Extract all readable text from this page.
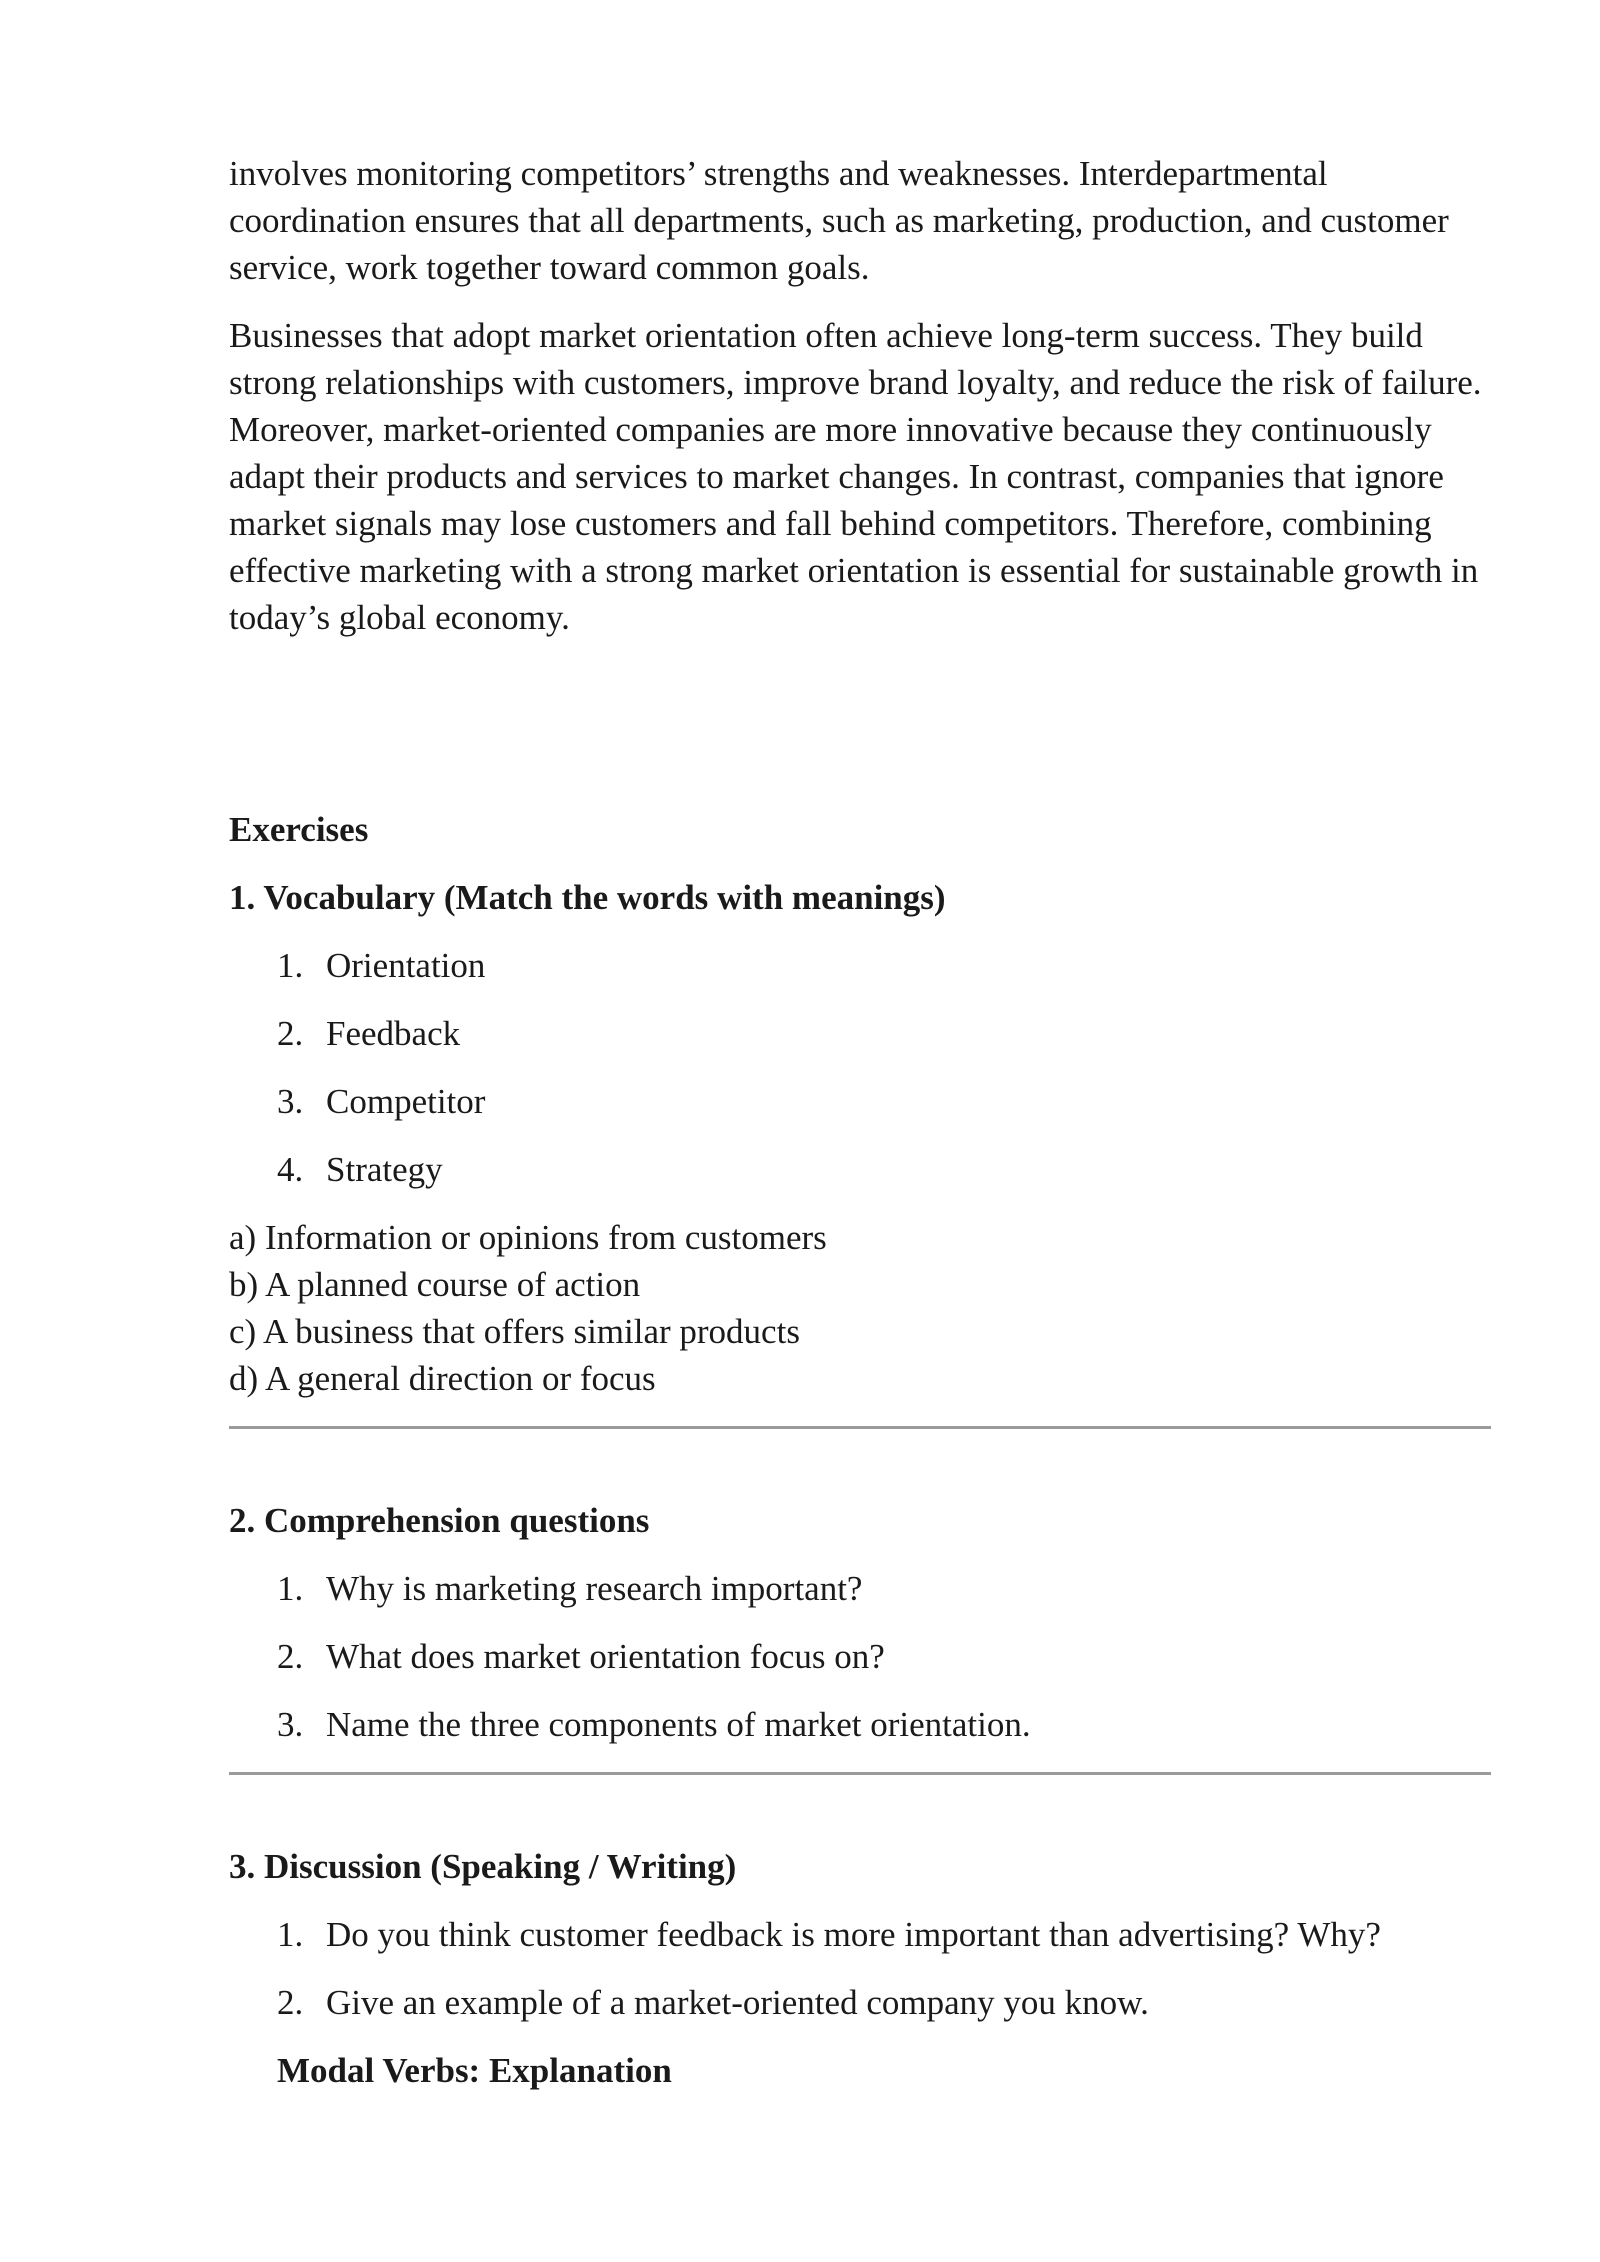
involves monitoring competitors’ strengths and weaknesses. Interdepartmental coordination ensures that all departments, such as marketing, production, and customer service, work together toward common goals.

Businesses that adopt market orientation often achieve long-term success. They build strong relationships with customers, improve brand loyalty, and reduce the risk of failure. Moreover, market-oriented companies are more innovative because they continuously adapt their products and services to market changes. In contrast, companies that ignore market signals may lose customers and fall behind competitors. Therefore, combining effective marketing with a strong market orientation is essential for sustainable growth in today’s global economy.

Exercises

1. Vocabulary (Match the words with meanings)

1. Orientation
2. Feedback
3. Competitor
4. Strategy
a) Information or opinions from customers
b) A planned course of action
c) A business that offers similar products
d) A general direction or focus

2. Comprehension questions

1. Why is marketing research important?
2. What does market orientation focus on?
3. Name the three components of market orientation.

3. Discussion (Speaking / Writing)

1. Do you think customer feedback is more important than advertising? Why?
2. Give an example of a market-oriented company you know.

Modal Verbs: Explanation
